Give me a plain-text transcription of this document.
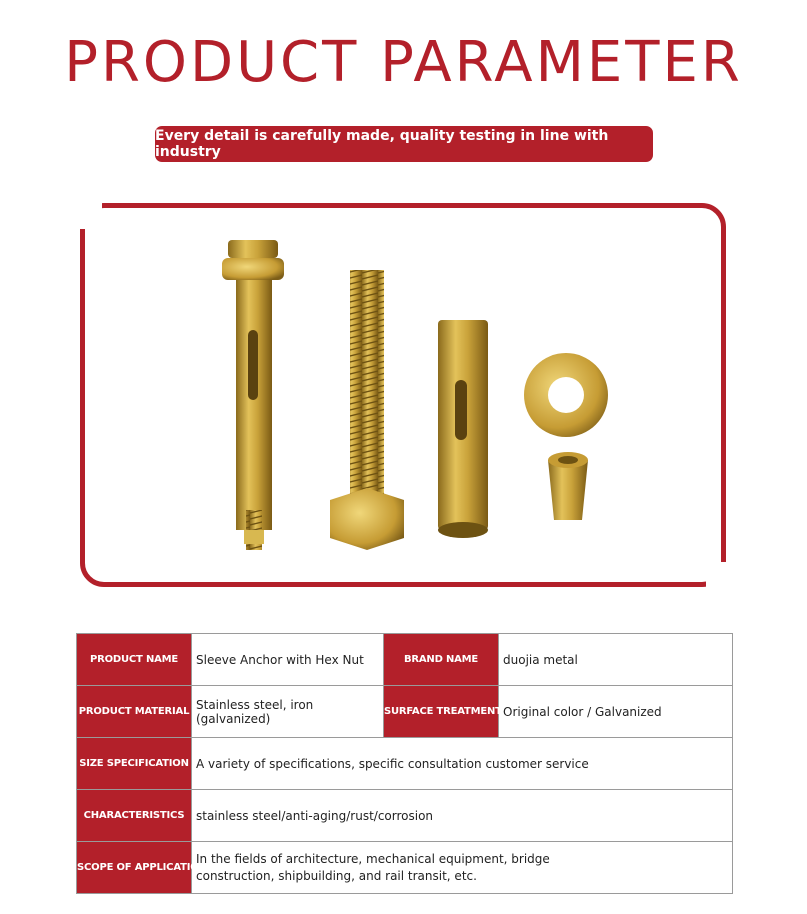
PRODUCT PARAMETER
Every detail is carefully made, quality testing in line with industry
PRODUCT NAME	Sleeve Anchor with Hex Nut	BRAND NAME	duojia metal
PRODUCT MATERIAL	Stainless steel, iron (galvanized)	SURFACE TREATMENT	Original color / Galvanized
SIZE SPECIFICATION	A variety of specifications, specific consultation customer service		
CHARACTERISTICS	stainless steel/anti-aging/rust/corrosion		
SCOPE OF APPLICATION	In the fields of architecture, mechanical equipment, bridge construction, shipbuilding, and rail transit, etc.		
